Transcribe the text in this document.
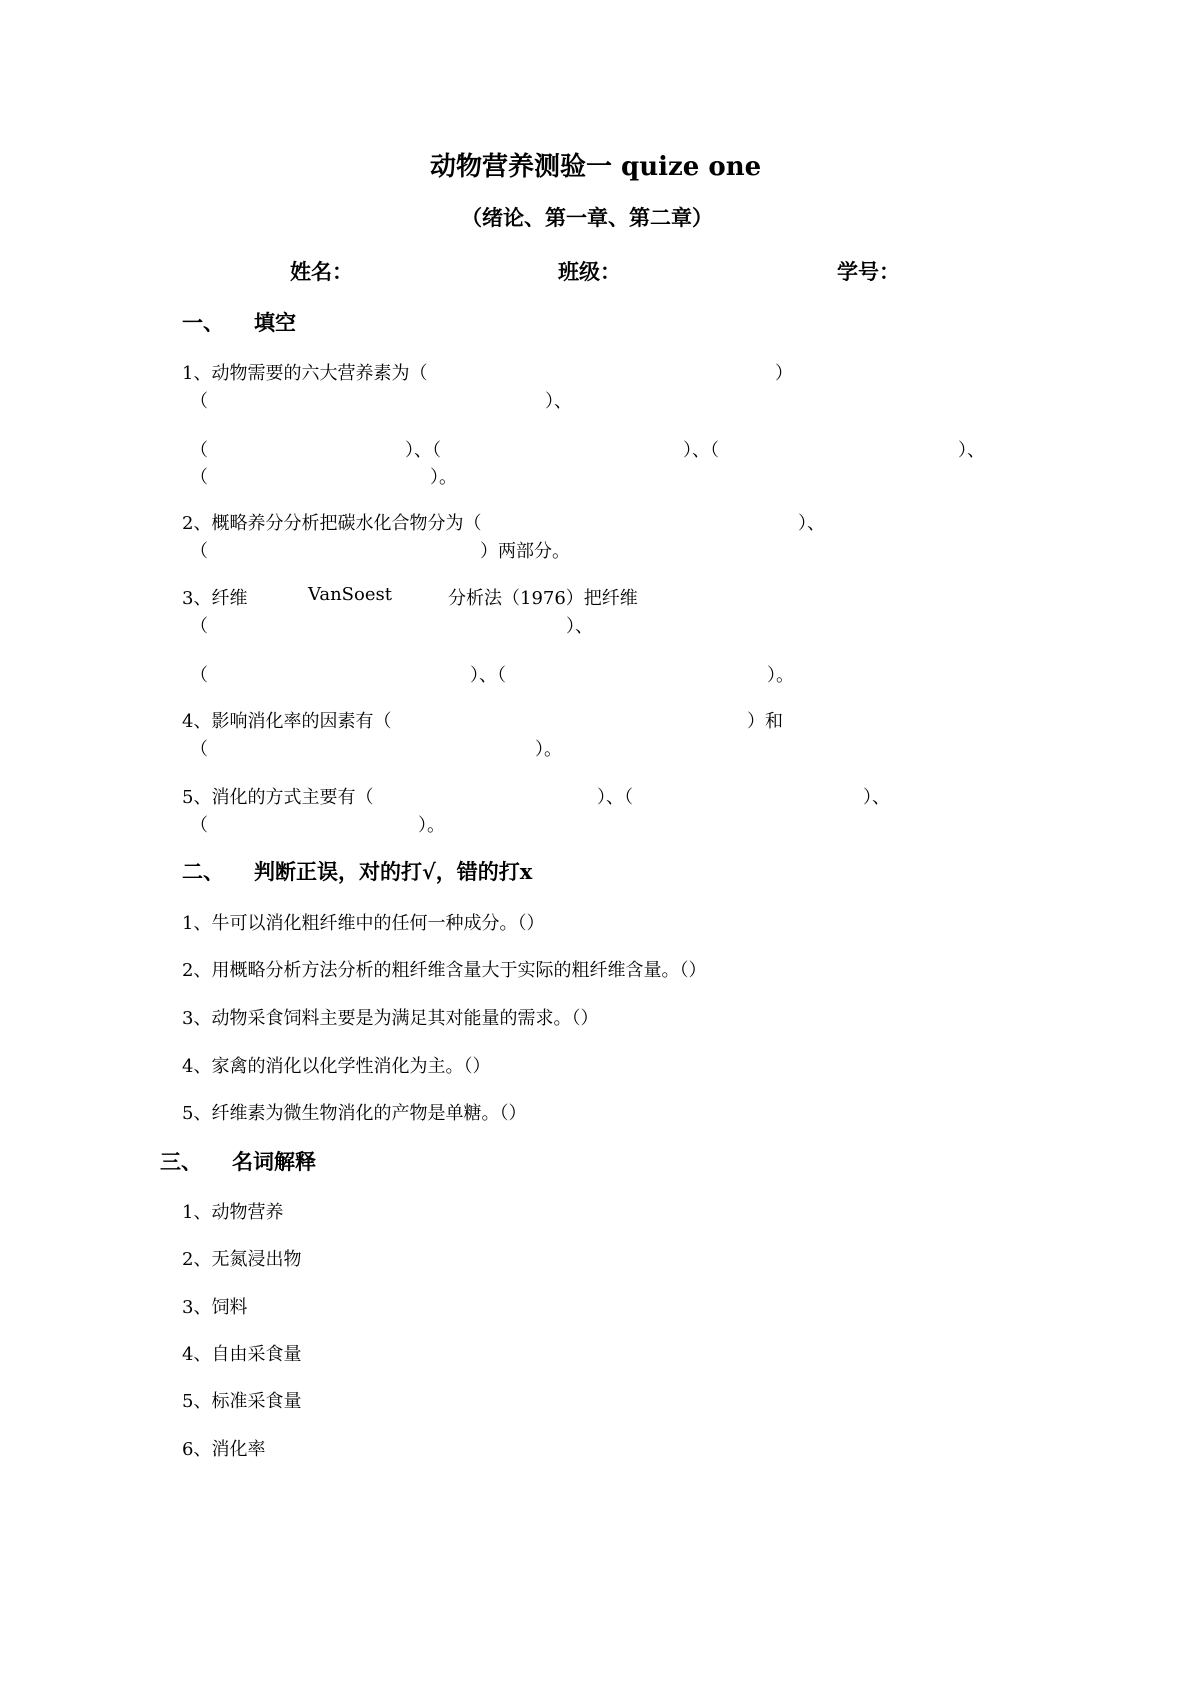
动物营养测验一 quize one
（绪论、第一章、第二章）
姓名：	班级：	学号：
一、 填空
1、动物需要的六大营养素为（	）
（	）、
（	）、（	）、（	）、
（	）。
2、概略养分分析把碳水化合物分为（	）、
（	）两部分。
3、纤维	VanSoest	分析法（1976）把纤维
（	）、
（	）、（	）。
4、影响消化率的因素有（	）和
（	）。
5、消化的方式主要有（	）、（	）、
（	）。
二、 判断正误，对的打√，错的打x
1、牛可以消化粗纤维中的任何一种成分。（）
2、用概略分析方法分析的粗纤维含量大于实际的粗纤维含量。（）
3、动物采食饲料主要是为满足其对能量的需求。（）
4、家禽的消化以化学性消化为主。（）
5、纤维素为微生物消化的产物是单糖。（）
三、 名词解释
1、动物营养
2、无氮浸出物
3、饲料
4、自由采食量
5、标准采食量
6、消化率
